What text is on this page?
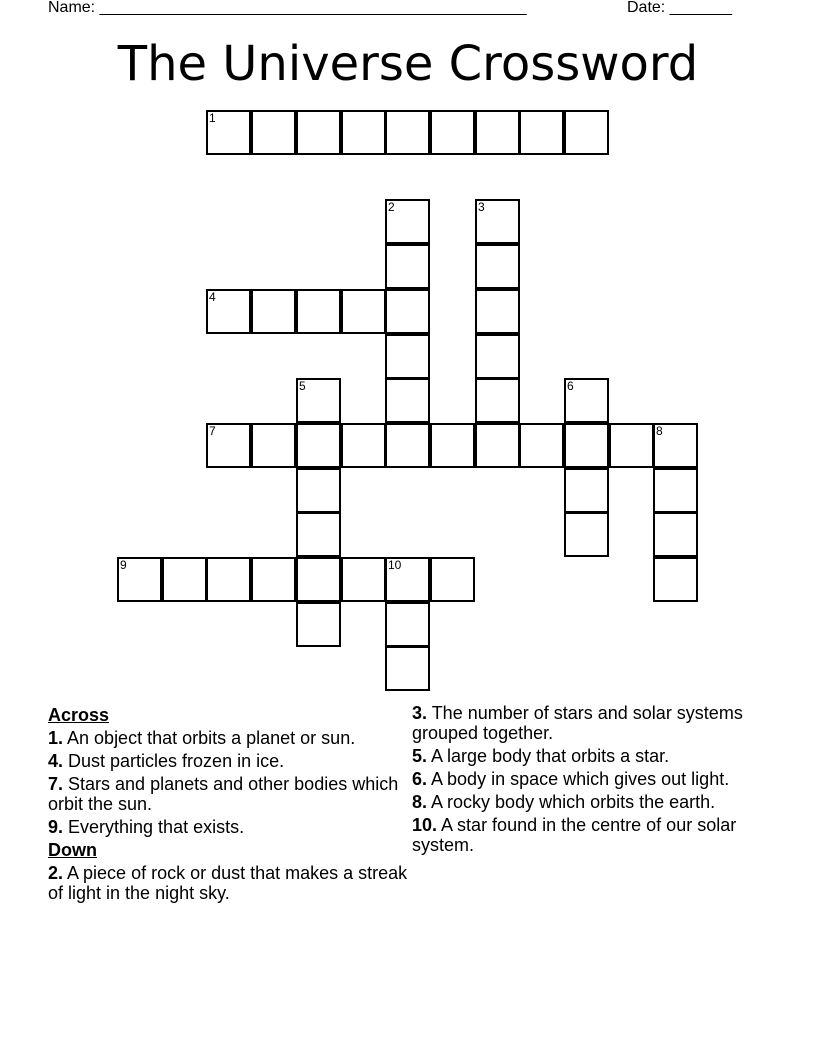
Name: ________________________________________________	Date: _______
The Universe Crossword
1
2	3
4
5	6
7	8
9	10
Across
1. An object that orbits a planet or sun.
4. Dust particles frozen in ice.
7. Stars and planets and other bodies which orbit the sun.
9. Everything that exists.
Down
2. A piece of rock or dust that makes a streak of light in the night sky.
3. The number of stars and solar systems grouped together.
5. A large body that orbits a star.
6. A body in space which gives out light.
8. A rocky body which orbits the earth.
10. A star found in the centre of our solar system.
